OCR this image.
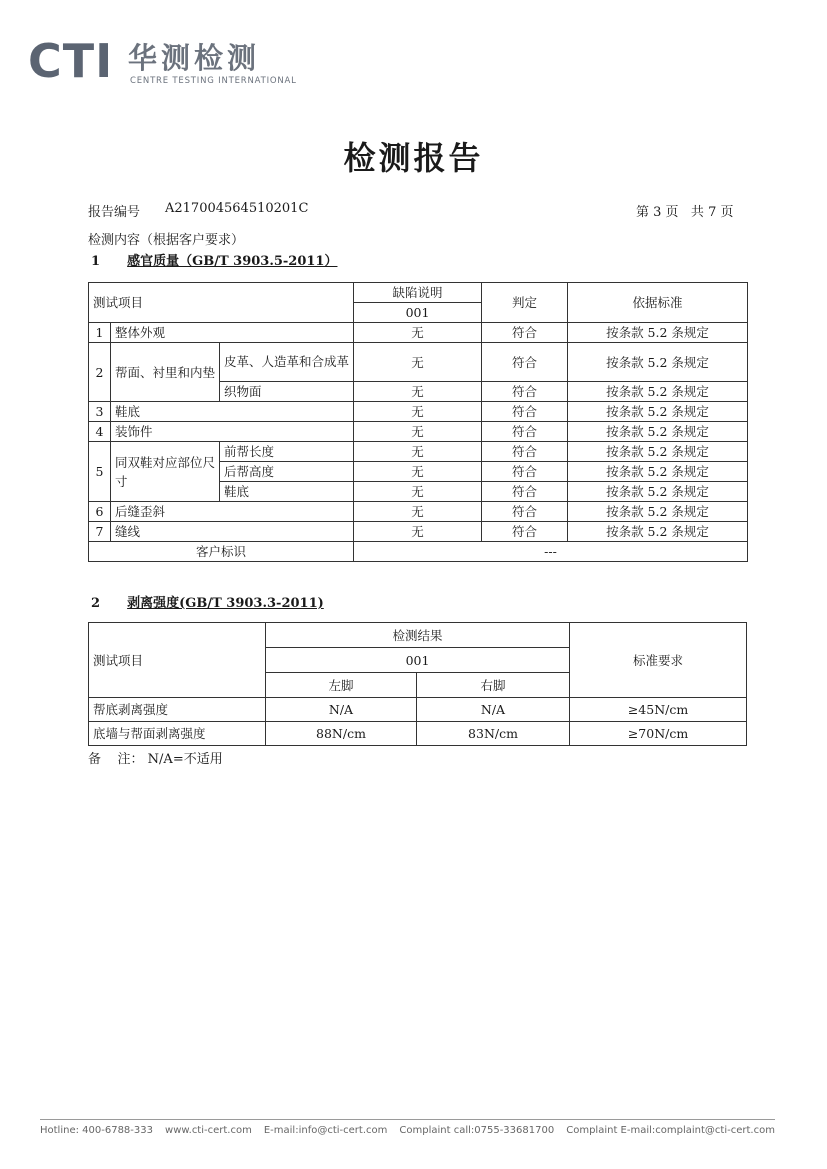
CTI 华测检测
CENTRE TESTING INTERNATIONAL
检测报告
报告编号 A217004564510201C	第 3 页   共 7 页
检测内容（根据客户要求）
1 感官质量（GB/T 3903.5-2011）
测试项目			缺陷说明	判定	依据标准
			001		
1	整体外观		无	符合	按条款 5.2 条规定
2	帮面、衬里和内垫	皮革、人造革和合成革	无	符合	按条款 5.2 条规定
		织物面	无	符合	按条款 5.2 条规定
3	鞋底		无	符合	按条款 5.2 条规定
4	装饰件		无	符合	按条款 5.2 条规定
5	同双鞋对应部位尺寸	前帮长度	无	符合	按条款 5.2 条规定
		后帮高度	无	符合	按条款 5.2 条规定
		鞋底	无	符合	按条款 5.2 条规定
6	后缝歪斜		无	符合	按条款 5.2 条规定
7	缝线		无	符合	按条款 5.2 条规定
客户标识			---		
2 剥离强度(GB/T 3903.3-2011)
测试项目	检测结果		标准要求
	001		
	左脚	右脚	
帮底剥离强度	N/A	N/A	≥45N/cm
底墙与帮面剥离强度	88N/cm	83N/cm	≥70N/cm
备    注： N/A=不适用
Hotline: 400-6788-333 www.cti-cert.com E-mail:info@cti-cert.com Complaint call:0755-33681700 Complaint E-mail:complaint@cti-cert.com
